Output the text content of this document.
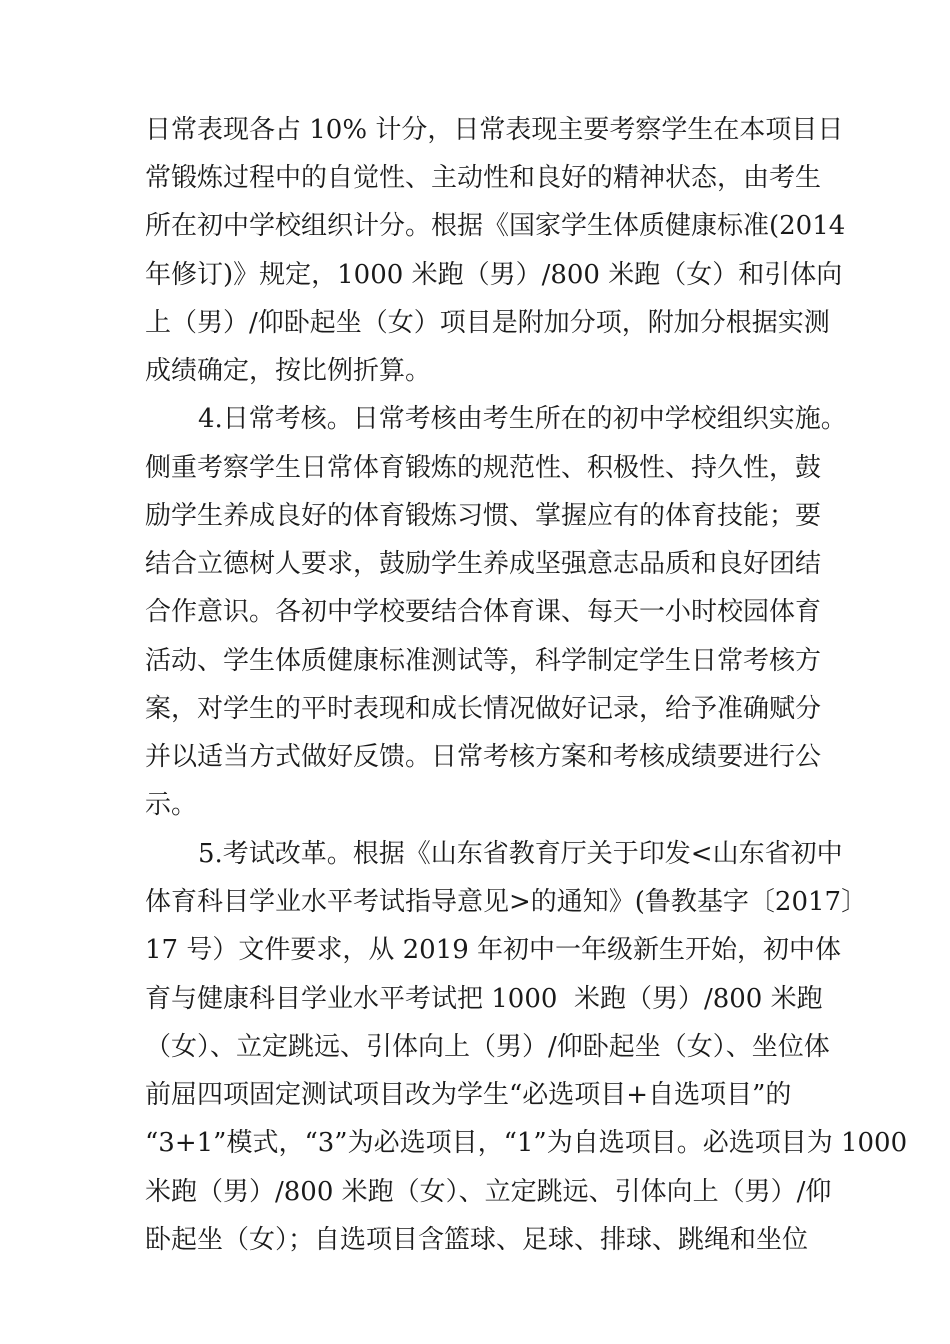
日常表现各占 10% 计分，日常表现主要考察学生在本项目日
常锻炼过程中的自觉性、主动性和良好的精神状态，由考生
所在初中学校组织计分。根据《国家学生体质健康标准(2014
年修订)》规定，1000 米跑（男）/800 米跑（女）和引体向
上（男）/仰卧起坐（女）项目是附加分项，附加分根据实测
成绩确定，按比例折算。
4.日常考核。日常考核由考生所在的初中学校组织实施。
侧重考察学生日常体育锻炼的规范性、积极性、持久性，鼓
励学生养成良好的体育锻炼习惯、掌握应有的体育技能；要
结合立德树人要求，鼓励学生养成坚强意志品质和良好团结
合作意识。各初中学校要结合体育课、每天一小时校园体育
活动、学生体质健康标准测试等，科学制定学生日常考核方
案，对学生的平时表现和成长情况做好记录，给予准确赋分
并以适当方式做好反馈。日常考核方案和考核成绩要进行公
示。
5.考试改革。根据《山东省教育厅关于印发<山东省初中
体育科目学业水平考试指导意见>的通知》(鲁教基字〔2017〕
17 号）文件要求，从 2019 年初中一年级新生开始，初中体
育与健康科目学业水平考试把 1000  米跑（男）/800 米跑
（女）、立定跳远、引体向上（男）/仰卧起坐（女）、坐位体
前屈四项固定测试项目改为学生“必选项目+自选项目”的
“3+1”模式，“3”为必选项目，“1”为自选项目。必选项目为 1000
米跑（男）/800 米跑（女）、立定跳远、引体向上（男）/仰
卧起坐（女）；自选项目含篮球、足球、排球、跳绳和坐位
